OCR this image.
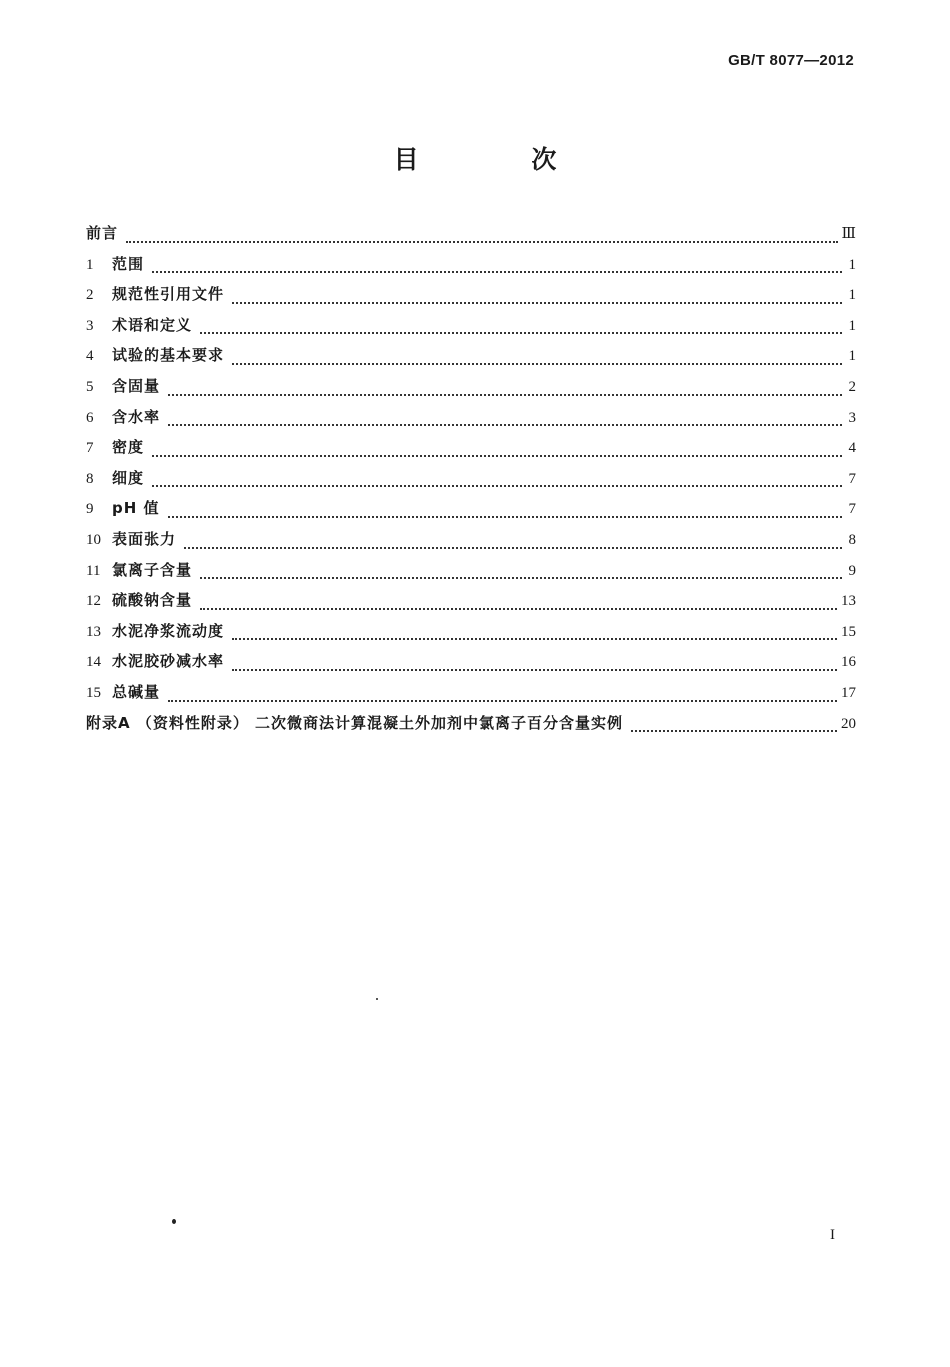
GB/T 8077—2012
目 次
前言	Ⅲ
1	范围	1
2	规范性引用文件	1
3	术语和定义	1
4	试验的基本要求	1
5	含固量	2
6	含水率	3
7	密度	4
8	细度	7
9	pH 值	7
10 表面张力	8
11 氯离子含量	9
12 硫酸钠含量	13
13 水泥净浆流动度	15
14 水泥胶砂减水率	16
15 总碱量	17
附录A （资料性附录） 二次微商法计算混凝土外加剂中氯离子百分含量实例	20
I
